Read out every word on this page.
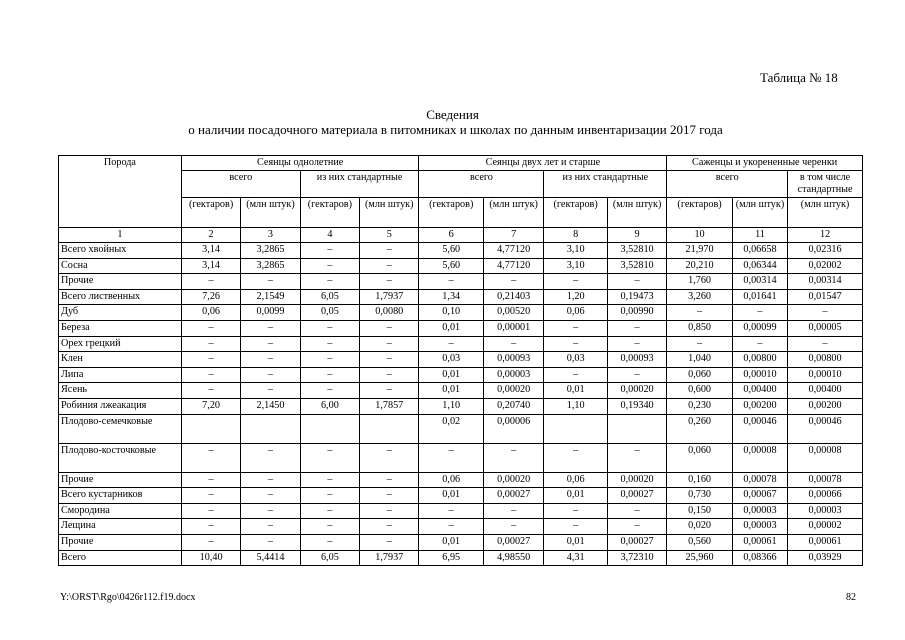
Таблица № 18
Сведения
о наличии посадочного материала в питомниках и школах по данным инвентаризации 2017 года
Порода	Сеянцы однолетние				Сеянцы двух лет и старше				Саженцы и укорененные черенки		
	всего		из них стандартные		всего		из них стандартные		всего		в том числе стандартные
	(гектаров)	(млн штук)	(гектаров)	(млн штук)	(гектаров)	(млн штук)	(гектаров)	(млн штук)	(гектаров)	(млн штук)	(млн штук)
1	2	3	4	5	6	7	8	9	10	11	12
Всего хвойных	3,14	3,2865	–	–	5,60	4,77120	3,10	3,52810	21,970	0,06658	0,02316
Сосна	3,14	3,2865	–	–	5,60	4,77120	3,10	3,52810	20,210	0,06344	0,02002
Прочие	–	–	–	–	–	–	–	–	1,760	0,00314	0,00314
Всего лиственных	7,26	2,1549	6,05	1,7937	1,34	0,21403	1,20	0,19473	3,260	0,01641	0,01547
Дуб	0,06	0,0099	0,05	0,0080	0,10	0,00520	0,06	0,00990	–	–	–
Береза	–	–	–	–	0,01	0,00001	–	–	0,850	0,00099	0,00005
Орех грецкий	–	–	–	–	–	–	–	–	–	–	–
Клен	–	–	–	–	0,03	0,00093	0,03	0,00093	1,040	0,00800	0,00800
Липа	–	–	–	–	0,01	0,00003	–	–	0,060	0,00010	0,00010
Ясень	–	–	–	–	0,01	0,00020	0,01	0,00020	0,600	0,00400	0,00400
Робиния лжеакация	7,20	2,1450	6,00	1,7857	1,10	0,20740	1,10	0,19340	0,230	0,00200	0,00200
Плодово-семечковые					0,02	0,00006			0,260	0,00046	0,00046
Плодово-косточковые	–	–	–	–	–	–	–	–	0,060	0,00008	0,00008
Прочие	–	–	–	–	0,06	0,00020	0,06	0,00020	0,160	0,00078	0,00078
Всего кустарников	–	–	–	–	0,01	0,00027	0,01	0,00027	0,730	0,00067	0,00066
Смородина	–	–	–	–	–	–	–	–	0,150	0,00003	0,00003
Лещина	–	–	–	–	–	–	–	–	0,020	0,00003	0,00002
Прочие	–	–	–	–	0,01	0,00027	0,01	0,00027	0,560	0,00061	0,00061
Всего	10,40	5,4414	6,05	1,7937	6,95	4,98550	4,31	3,72310	25,960	0,08366	0,03929
Y:\ORST\Rgo\0426r112.f19.docx	82
